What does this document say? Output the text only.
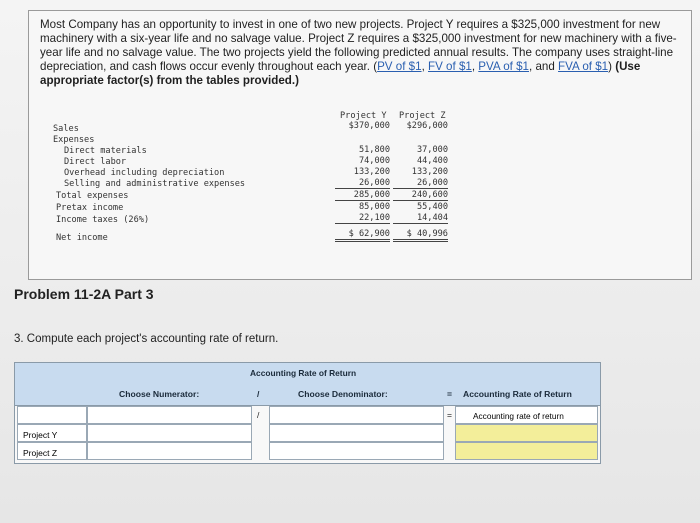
Most Company has an opportunity to invest in one of two new projects. Project Y requires a $325,000 investment for new machinery with a six-year life and no salvage value. Project Z requires a $325,000 investment for new machinery with a five-year life and no salvage value. The two projects yield the following predicted annual results. The company uses straight-line depreciation, and cash flows occur evenly throughout each year. (PV of $1, FV of $1, PVA of $1, and FVA of $1) (Use appropriate factor(s) from the tables provided.)
Project Y Project Z
Sales	$370,000	$296,000
Expenses
Direct materials	51,800	37,000
Direct labor	74,000	44,400
Overhead including depreciation	133,200	133,200
Selling and administrative expenses	26,000	26,000
Total expenses	285,000	240,600
Pretax income	85,000	55,400
Income taxes (26%)	22,100	14,404
Net income	$ 62,900	$ 40,996
Problem 11-2A Part 3
3. Compute each project's accounting rate of return.
Accounting Rate of Return
Choose Numerator:	/	Choose Denominator:	= Accounting Rate of Return
/	=	Accounting rate of return
Project Y
Project Z
